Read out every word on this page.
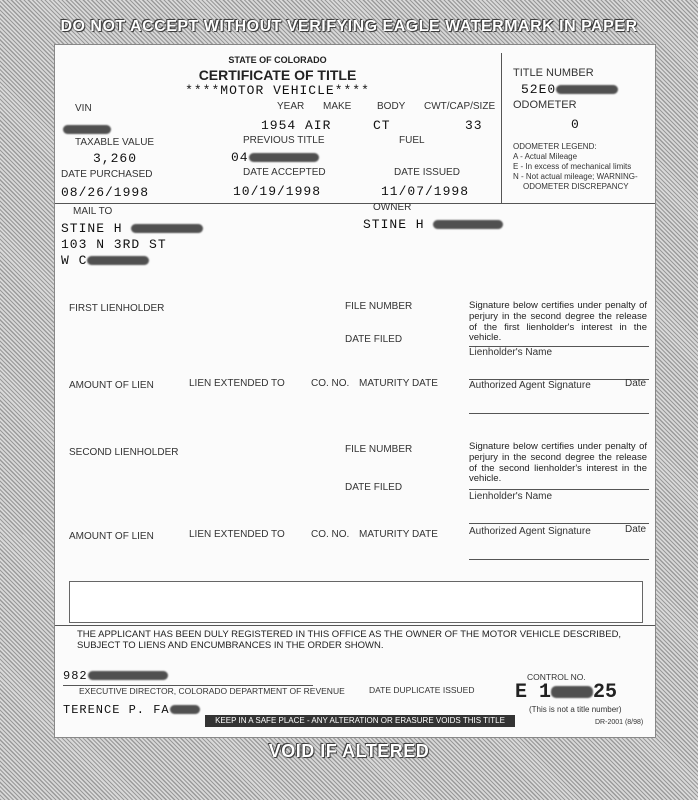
DO NOT ACCEPT WITHOUT VERIFYING EAGLE WATERMARK IN PAPER
STATE OF COLORADO
CERTIFICATE OF TITLE
****MOTOR VEHICLE****
TITLE NUMBER
52E0
ODOMETER
0
ODOMETER LEGEND:
A - Actual Mileage
E - In excess of mechanical limits
N - Not actual mileage; WARNING-
ODOMETER DISCREPANCY
VIN	YEAR MAKE	BODY CWT/CAP/SIZE
1954 AIR	CT	33
TAXABLE VALUE	PREVIOUS TITLE	FUEL
3,260	04
DATE PURCHASED	DATE ACCEPTED	DATE ISSUED
08/26/1998	10/19/1998	11/07/1998
MAIL TO	OWNER
STINE H	STINE H
103 N 3RD ST
W C
FIRST LIENHOLDER	FILE NUMBER
DATE FILED
Signature below certifies under penalty of perjury in the second degree the release of the first lienholder's interest in the vehicle.
Lienholder's Name
AMOUNT OF LIEN	LIEN EXTENDED TO	CO. NO. MATURITY DATE	Authorized Agent Signature	Date
SECOND LIENHOLDER	FILE NUMBER
DATE FILED
Signature below certifies under penalty of perjury in the second degree the release of the second lienholder's interest in the vehicle.
Lienholder's Name
AMOUNT OF LIEN	LIEN EXTENDED TO	CO. NO. MATURITY DATE	Authorized Agent Signature	Date
THE APPLICANT HAS BEEN DULY REGISTERED IN THIS OFFICE AS THE OWNER OF THE MOTOR VEHICLE DESCRIBED, SUBJECT TO LIENS AND ENCUMBRANCES IN THE ORDER SHOWN.
982
EXECUTIVE DIRECTOR, COLORADO DEPARTMENT OF REVENUE	DATE DUPLICATE ISSUED
CONTROL NO.
E 1 25
(This is not a title number)
DR-2001 (8/98)
TERENCE P. FA
KEEP IN A SAFE PLACE - ANY ALTERATION OR ERASURE VOIDS THIS TITLE
VOID IF ALTERED
